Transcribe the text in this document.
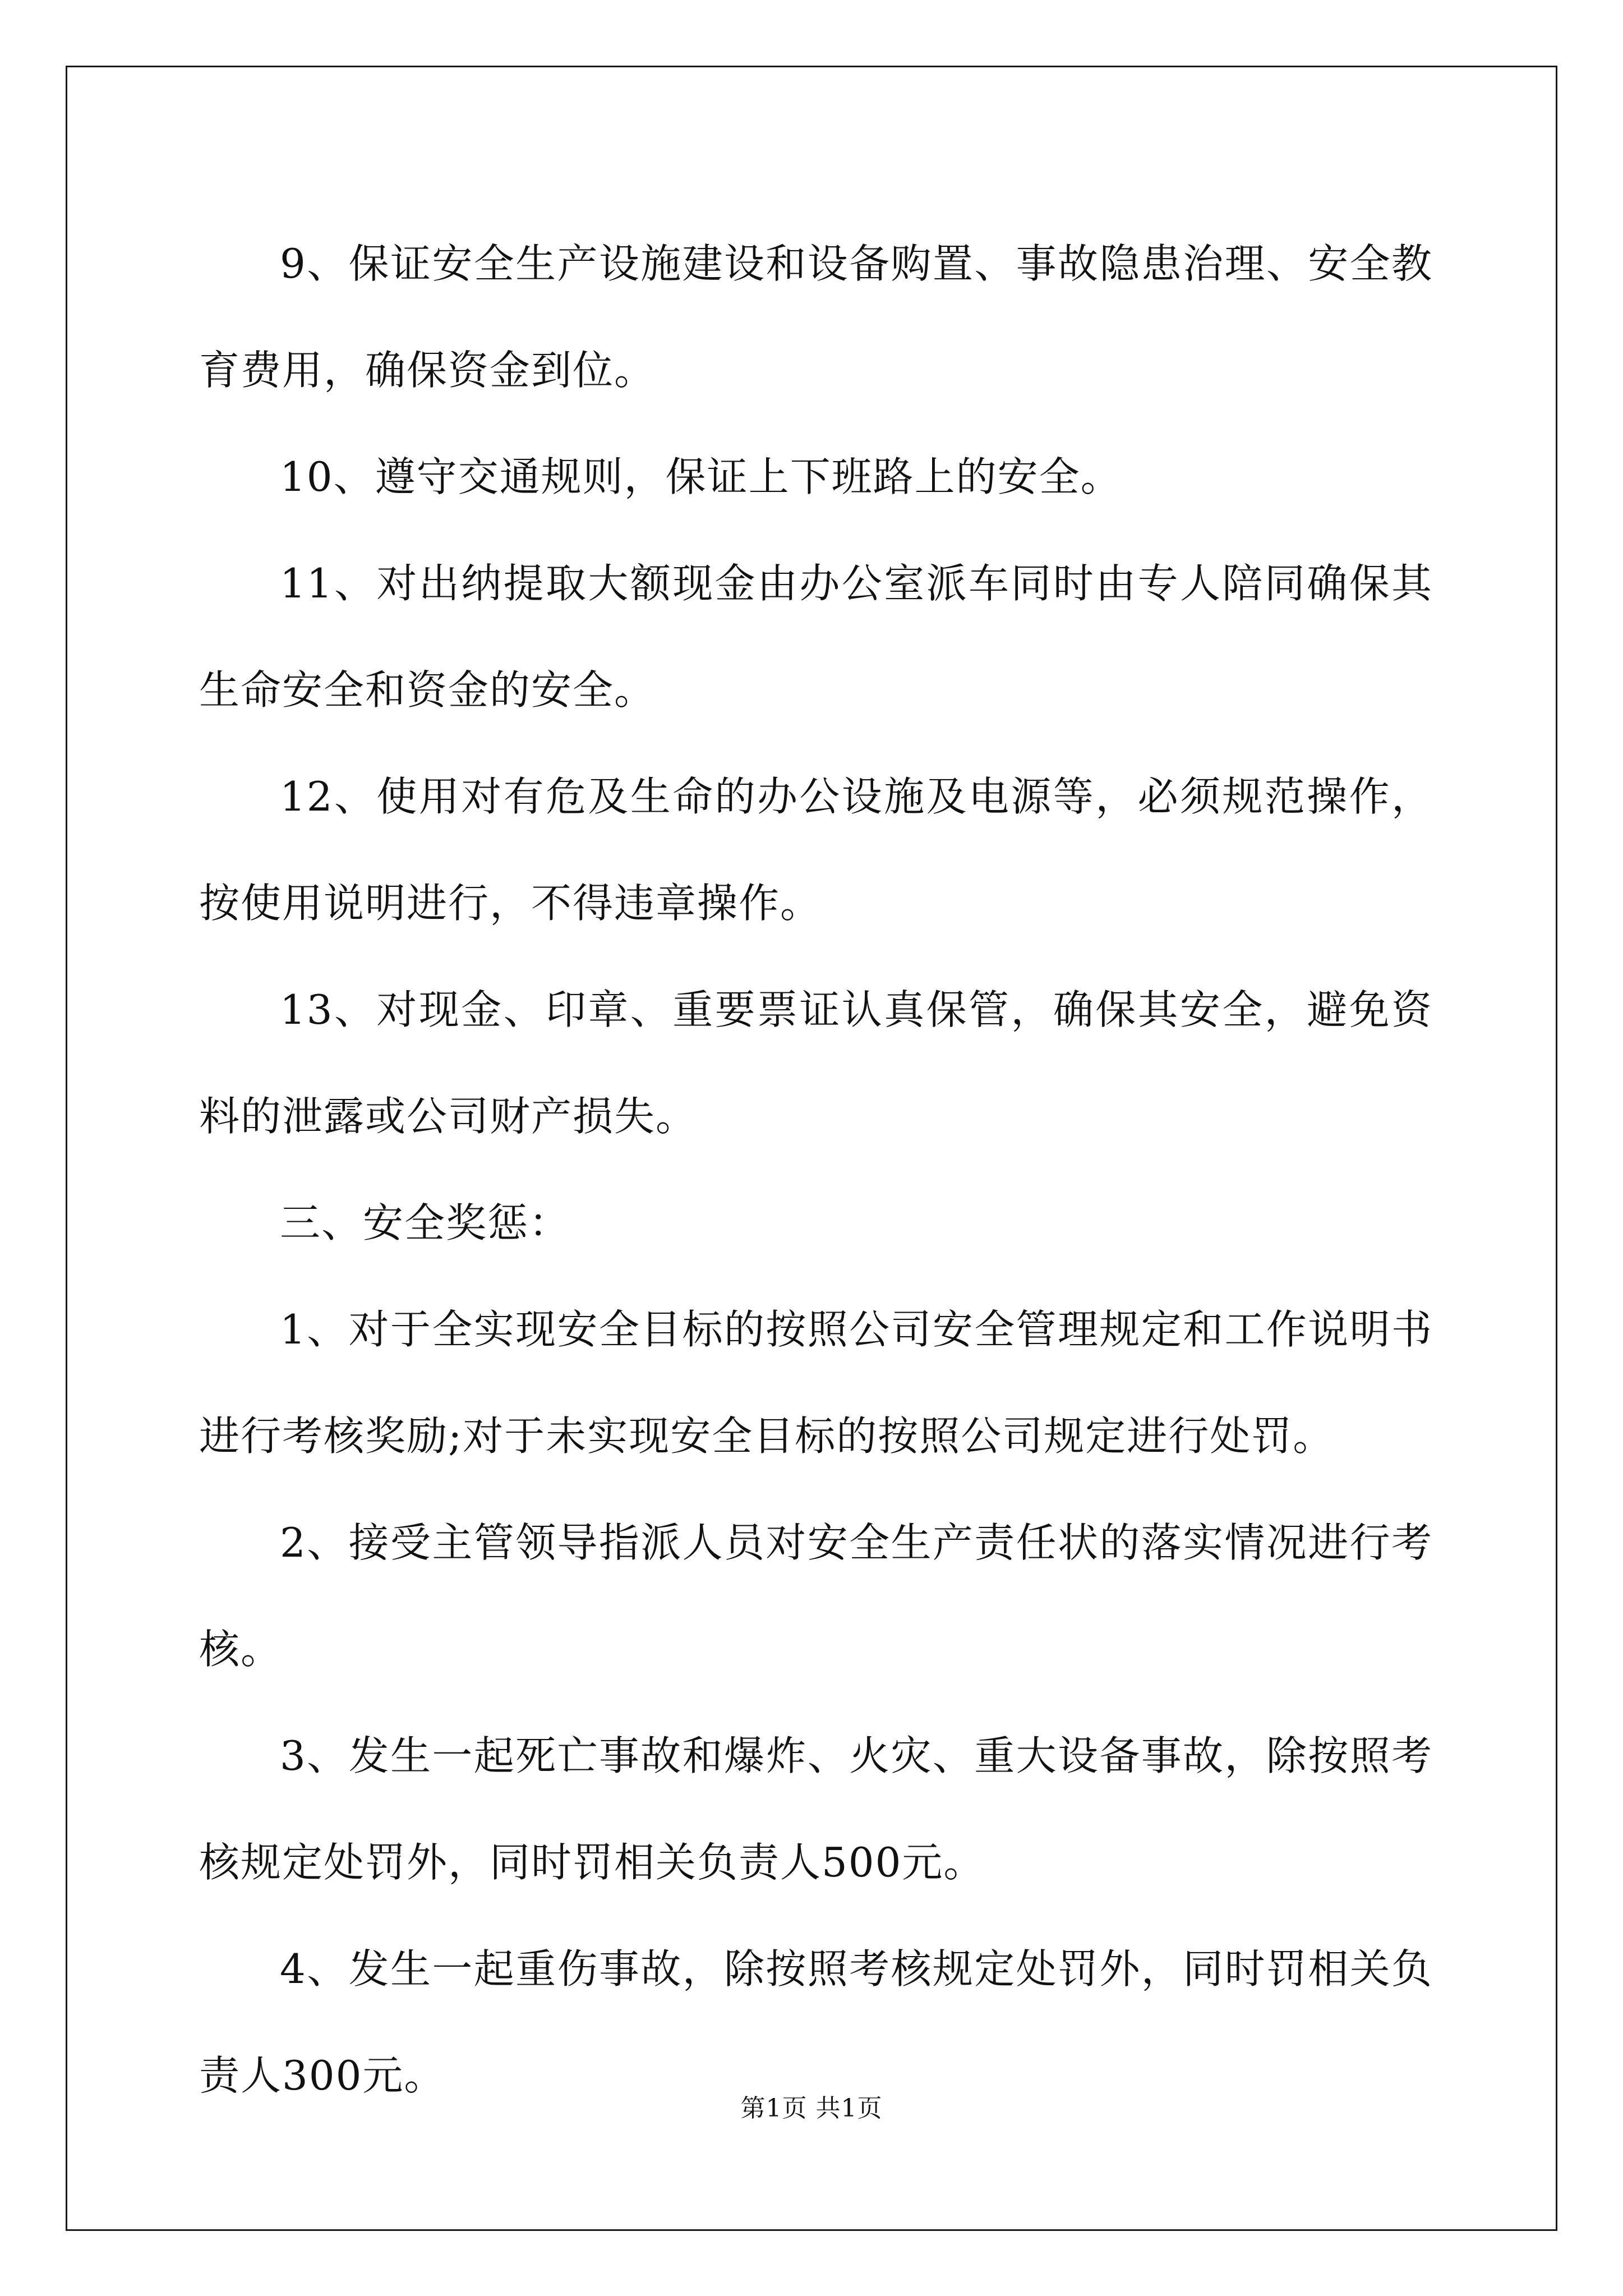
9、保证安全生产设施建设和设备购置、事故隐患治理、安全教育费用，确保资金到位。

10、遵守交通规则，保证上下班路上的安全。

11、对出纳提取大额现金由办公室派车同时由专人陪同确保其生命安全和资金的安全。

12、使用对有危及生命的办公设施及电源等，必须规范操作，按使用说明进行，不得违章操作。

13、对现金、印章、重要票证认真保管，确保其安全，避免资料的泄露或公司财产损失。

三、安全奖惩：

1、对于全实现安全目标的按照公司安全管理规定和工作说明书进行考核奖励;对于未实现安全目标的按照公司规定进行处罚。

2、接受主管领导指派人员对安全生产责任状的落实情况进行考核。

3、发生一起死亡事故和爆炸、火灾、重大设备事故，除按照考核规定处罚外，同时罚相关负责人500元。

4、发生一起重伤事故，除按照考核规定处罚外，同时罚相关负责人300元。

第1页 共1页
